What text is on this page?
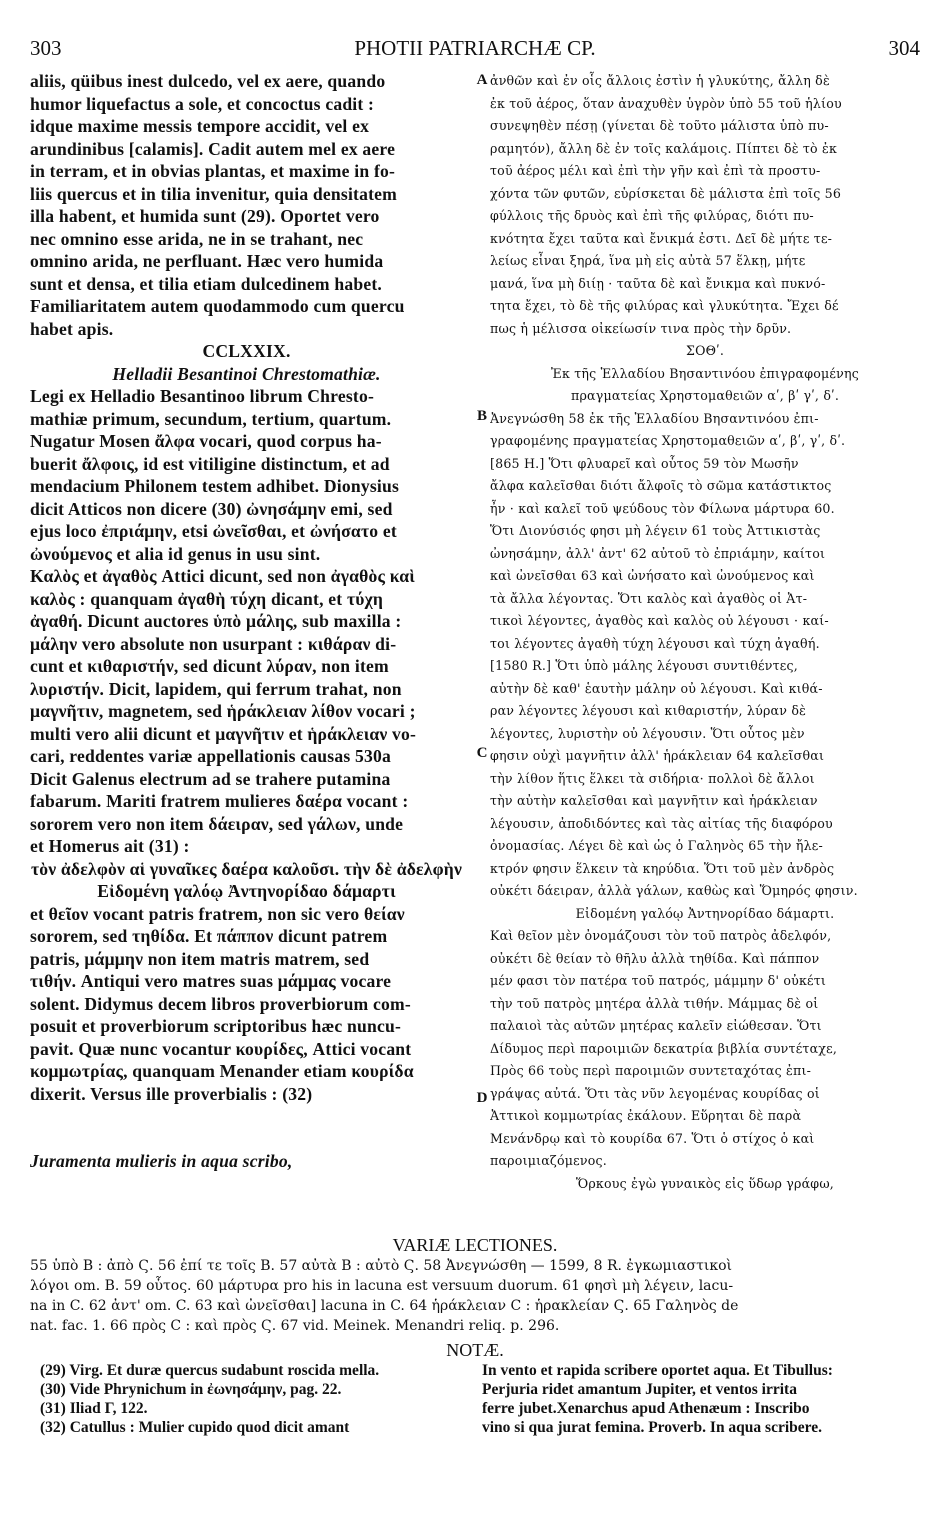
303	PHOTII PATRIARCHÆ CP.	304
aliis, qüibus inest dulcedo, vel ex aere, quando
humor liquefactus a sole, et concoctus cadit :
idque maxime messis tempore accidit, vel ex
arundinibus [calamis]. Cadit autem mel ex aere
in terram, et in obvias plantas, et maxime in fo-
liis quercus et in tilia invenitur, quia densitatem
illa habent, et humida sunt (29). Oportet vero
nec omnino esse arida, ne in se trahant, nec
omnino arida, ne perfluant. Hæc vero humida
sunt et densa, et tilia etiam dulcedinem habet.
Familiaritatem autem quodammodo cum quercu
habet apis.
CCLXXIX.
Helladii Besantinoi Chrestomathiæ.
Legi ex Helladio Besantinoo librum Chresto-
mathiæ primum, secundum, tertium, quartum.
Nugatur Mosen ἄλφα vocari, quod corpus ha-
buerit ἄλφοις, id est vitiligine distinctum, et ad
mendacium Philonem testem adhibet. Dionysius
dicit Atticos non dicere (30) ὠνησάμην emi, sed
ejus loco ἐπριάμην, etsi ὠνεῖσθαι, et ὠνήσατο et
ὠνούμενος et alia id genus in usu sint.
Καλὸς et ἀγαθὸς Attici dicunt, sed non ἀγαθὸς καὶ
καλὸς : quanquam ἀγαθὴ τύχη dicant, et τύχη
ἀγαθή. Dicunt auctores ὑπὸ μάλης, sub maxilla :
μάλην vero absolute non usurpant : κιθάραν di-
cunt et κιθαριστήν, sed dicunt λύραν, non item
λυριστήν. Dicit, lapidem, qui ferrum trahat, non
μαγνῆτιν, magnetem, sed ἡράκλειαν λίθον vocari ;
multi vero alii dicunt et μαγνῆτιν et ἡράκλειαν vo-
cari, reddentes variæ appellationis causas 530a
Dicit Galenus electrum ad se trahere putamina
fabarum. Mariti fratrem mulieres δαέρα vocant :
sororem vero non item δάειραν, sed γάλων, unde
et Homerus ait (31) :
τὸν ἀδελφὸν αἱ γυναῖκες δαέρα καλοῦσι. τὴν δὲ ἀδελφὴν
Εἰδομένη γαλόῳ Ἀντηνορίδαο δάμαρτι
et θεῖον vocant patris fratrem, non sic vero θείαν
sororem, sed τηθίδα. Et πάππον dicunt patrem
patris, μάμμην non item matris matrem, sed
τιθήν. Antiqui vero matres suas μάμμας vocare
solent. Didymus decem libros proverbiorum com-
posuit et proverbiorum scriptoribus hæc nuncu-
pavit. Quæ nunc vocantur κουρίδες, Attici vocant
κομμωτρίας, quanquam Menander etiam κουρίδα
dixerit. Versus ille proverbialis : (32)
Juramenta mulieris in aqua scribo,
ἀνθῶν καὶ ἐν οἷς ἄλλοις ἐστὶν ἡ γλυκύτης, ἄλλη δὲ
ἐκ τοῦ ἀέρος, ὅταν ἀναχυθὲν ὑγρὸν ὑπὸ 55 τοῦ ἡλίου
συνεψηθὲν πέσῃ (γίνεται δὲ τοῦτο μάλιστα ὑπὸ πυ-
ραμητόν), ἄλλη δὲ ἐν τοῖς καλάμοις. Πίπτει δὲ τὸ ἐκ
τοῦ ἀέρος μέλι καὶ ἐπὶ τὴν γῆν καὶ ἐπὶ τὰ προστυ-
χόντα τῶν φυτῶν, εὑρίσκεται δὲ μάλιστα ἐπὶ τοῖς 56
φύλλοις τῆς δρυὸς καὶ ἐπὶ τῆς φιλύρας, διότι πυ-
κνότητα ἔχει ταῦτα καὶ ἔνικμά ἐστι. Δεῖ δὲ μήτε τε-
λείως εἶναι ξηρά, ἵνα μὴ εἰς αὐτὰ 57 ἕλκῃ, μήτε
μανά, ἵνα μὴ διίῃ · ταῦτα δὲ καὶ ἔνικμα καὶ πυκνό-
τητα ἔχει, τὸ δὲ τῆς φιλύρας καὶ γλυκύτητα. Ἔχει δέ
πως ἡ μέλισσα οἰκείωσίν τινα πρὸς τὴν δρῦν.
ΣΟΘʹ.
Ἐκ τῆς Ἑλλαδίου Βησαντινόου ἐπιγραφομένης
πραγματείας Χρηστομαθειῶν αʹ, βʹ γʹ, δʹ.
Ἀνεγνώσθη 58 ἐκ τῆς Ἑλλαδίου Βησαντινόου ἐπι-
γραφομένης πραγματείας Χρηστομαθειῶν αʹ, βʹ, γʹ, δʹ.
[865 H.] Ὅτι φλυαρεῖ καὶ οὗτος 59 τὸν Μωσῆν
ἄλφα καλεῖσθαι διότι ἄλφοῖς τὸ σῶμα κατάστικτος
ἦν · καὶ καλεῖ τοῦ ψεύδους τὸν Φίλωνα μάρτυρα 60.
Ὅτι Διονύσιός φησι μὴ λέγειν 61 τοὺς Ἀττικιστὰς
ὠνησάμην, ἀλλ' ἀντ' 62 αὐτοῦ τὸ ἐπριάμην, καίτοι
καὶ ὠνεῖσθαι 63 καὶ ὠνήσατο καὶ ὠνούμενος καὶ
τὰ ἄλλα λέγοντας. Ὅτι καλὸς καὶ ἀγαθὸς οἱ Ἀτ-
τικοὶ λέγοντες, ἀγαθὸς καὶ καλὸς οὐ λέγουσι · καί-
τοι λέγοντες ἀγαθὴ τύχη λέγουσι καὶ τύχη ἀγαθή.
[1580 R.] Ὅτι ὑπὸ μάλης λέγουσι συντιθέντες,
αὐτὴν δὲ καθ' ἑαυτὴν μάλην οὐ λέγουσι. Καὶ κιθά-
ραν λέγοντες λέγουσι καὶ κιθαριστήν, λύραν δὲ
λέγοντες, λυριστὴν οὐ λέγουσιν. Ὅτι οὗτος μὲν
φησιν οὐχὶ μαγνῆτιν ἀλλ' ἡράκλειαν 64 καλεῖσθαι
τὴν λίθον ἥτις ἕλκει τὰ σιδήρια· πολλοὶ δὲ ἄλλοι
τὴν αὐτὴν καλεῖσθαι καὶ μαγνῆτιν καὶ ἡράκλειαν
λέγουσιν, ἀποδιδόντες καὶ τὰς αἰτίας τῆς διαφόρου
ὀνομασίας. Λέγει δὲ καὶ ὡς ὁ Γαληνὸς 65 τὴν ἤλε-
κτρόν φησιν ἕλκειν τὰ κηρύδια. Ὅτι τοῦ μὲν ἀνδρὸς
οὐκέτι δάειραν, ἀλλὰ γάλων, καθὼς καὶ Ὅμηρός φησιν.
Εἰδομένη γαλόῳ Ἀντηνορίδαο δάμαρτι.
Καὶ θεῖον μὲν ὀνομάζουσι τὸν τοῦ πατρὸς ἀδελφόν,
οὐκέτι δὲ θείαν τὸ θῆλυ ἀλλὰ τηθίδα. Καὶ πάππον
μέν φασι τὸν πατέρα τοῦ πατρός, μάμμην δ' οὐκέτι
τὴν τοῦ πατρὸς μητέρα ἀλλὰ τιθήν. Μάμμας δὲ οἱ
παλαιοὶ τὰς αὐτῶν μητέρας καλεῖν εἰώθεσαν. Ὅτι
Δίδυμος περὶ παροιμιῶν δεκατρία βιβλία συντέταχε,
Πρὸς 66 τοὺς περὶ παροιμιῶν συντεταχότας ἐπι-
γράψας αὐτά. Ὅτι τὰς νῦν λεγομένας κουρίδας οἱ
Ἀττικοὶ κομμωτρίας ἐκάλουν. Εὕρηται δὲ παρὰ
Μενάνδρῳ καὶ τὸ κουρίδα 67. Ὅτι ὁ στίχος ὁ καὶ
παροιμιαζόμενος.
Ὅρκους ἐγὼ γυναικὸς εἰς ὕδωρ γράφω,
A
B
C
D
VARIÆ LECTIONES.
55 ὑπὸ B : ἀπὸ Ϛ. 56 ἐπί τε τοῖς B. 57 αὐτὰ B : αὐτὸ Ϛ. 58 Ἀνεγνώσθη — 1599, 8 R. ἐγκωμιαστικοὶ
λόγοι om. B. 59 οὗτος. 60 μάρτυρα pro his in lacuna est versuum duorum. 61 φησὶ μὴ λέγειν, lacu-
na in C. 62 ἀντ' om. C. 63 καὶ ὠνεῖσθαι] lacuna in C. 64 ἡράκλειαν C : ἡρακλείαν Ϛ. 65 Γαληνὸς de
nat. fac. 1. 66 πρὸς C : καὶ πρὸς Ϛ. 67 vid. Meinek. Menandri reliq. p. 296.
NOTÆ.
(29) Virg. Et duræ quercus sudabunt roscida mella.
(30) Vide Phrynichum in ἐωνησάμην, pag. 22.
(31) Iliad Γ, 122.
(32) Catullus : Mulier cupido quod dicit amant
In vento et rapida scribere oportet aqua. Et Tibullus:
Perjuria ridet amantum Jupiter, et ventos irrita
ferre jubet.Xenarchus apud Athenæum : Inscribo
vino si qua jurat femina. Proverb. In aqua scribere.
